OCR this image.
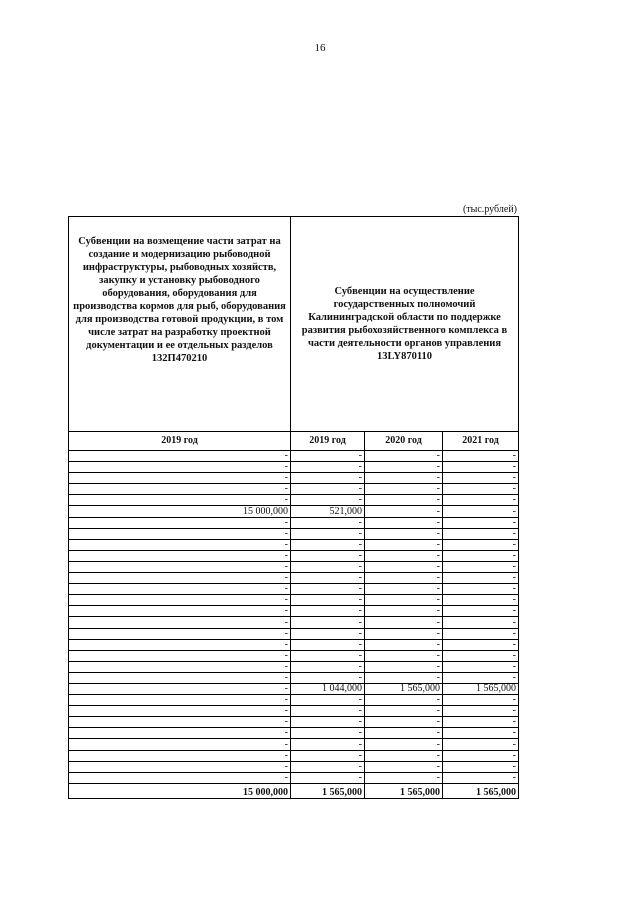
16
(тыс.рублей)
Субвенции на возмещение части затрат на создание и модернизацию рыбоводной инфраструктуры, рыбоводных хозяйств, закупку и установку рыбоводного оборудования, оборудования для производства кормов для рыб, оборудования для производства готовой продукции, в том числе затрат на разработку проектной документации и ее отдельных разделов 132П470210	Субвенции на осуществление государственных полномочий Калининградской области по поддержке развития рыбохозяйственного комплекса в части деятельности органов управления 13LY870110		
2019 год	2019 год	2020 год	2021 год
-	-	-	-
-	-	-	-
-	-	-	-
-	-	-	-
-	-	-	-
15 000,000	521,000	-	-
-	-	-	-
-	-	-	-
-	-	-	-
-	-	-	-
-	-	-	-
-	-	-	-
-	-	-	-
-	-	-	-
-	-	-	-
-	-	-	-
-	-	-	-
-	-	-	-
-	-	-	-
-	-	-	-
-	-	-	-
-	1 044,000	1 565,000	1 565,000
-	-	-	-
-	-	-	-
-	-	-	-
-	-	-	-
-	-	-	-
-	-	-	-
-	-	-	-
-	-	-	-
15 000,000	1 565,000	1 565,000	1 565,000
